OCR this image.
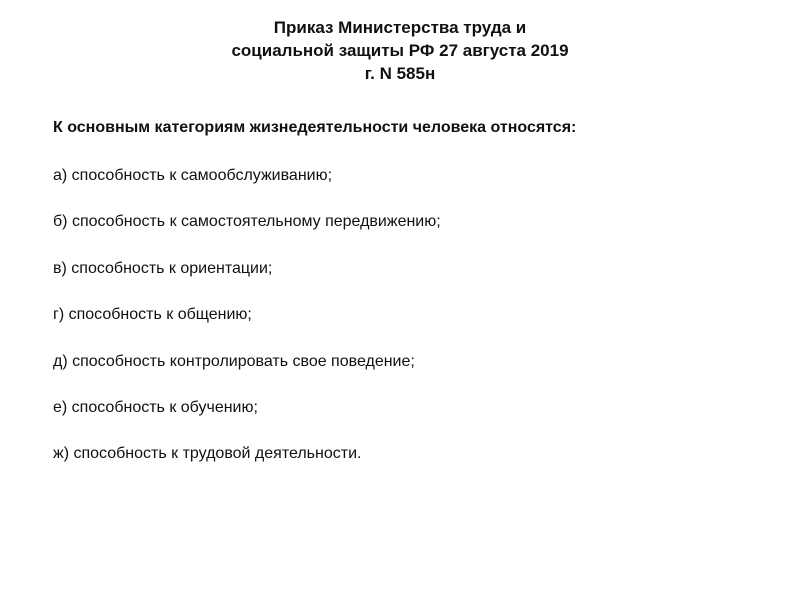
Приказ Министерства труда и
социальной защиты РФ 27 августа 2019
г. N 585н
К основным категориям жизнедеятельности человека относятся:
а) способность к самообслуживанию;
б) способность к самостоятельному передвижению;
в) способность к ориентации;
г) способность к общению;
д) способность контролировать свое поведение;
е) способность к обучению;
ж) способность к трудовой деятельности.
